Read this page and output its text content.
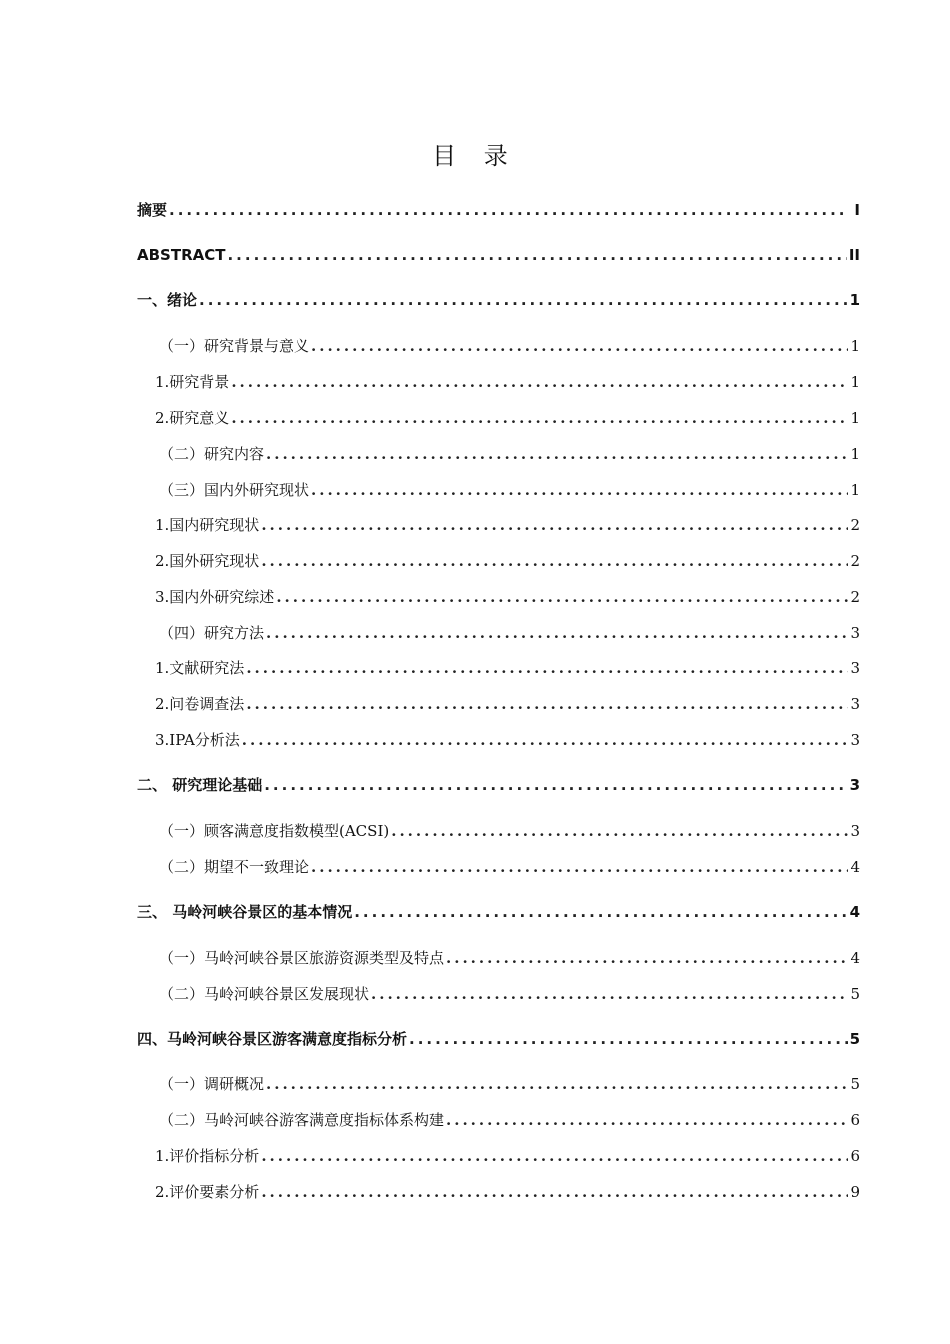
目 录
摘要 .....	I
ABSTRACT .....	II
一、绪论 .....	1
（一）研究背景与意义 .....	1
1.研究背景 .....	1
2.研究意义 .....	1
（二）研究内容 .....	1
（三）国内外研究现状 .....	1
1.国内研究现状 .....	2
2.国外研究现状 .....	2
3.国内外研究综述 .....	2
（四）研究方法 .....	3
1.文献研究法 .....	3
2.问卷调查法 .....	3
3.IPA分析法 .....	3
二、 研究理论基础 .....	3
（一）顾客满意度指数模型(ACSI) .....	3
（二）期望不一致理论 .....	4
三、 马岭河峡谷景区的基本情况 .....	4
（一）马岭河峡谷景区旅游资源类型及特点 .....	4
（二）马岭河峡谷景区发展现状 .....	5
四、马岭河峡谷景区游客满意度指标分析 .....	5
（一）调研概况 .....	5
（二）马岭河峡谷游客满意度指标体系构建 .....	6
1.评价指标分析 .....	6
2.评价要素分析 .....	9
